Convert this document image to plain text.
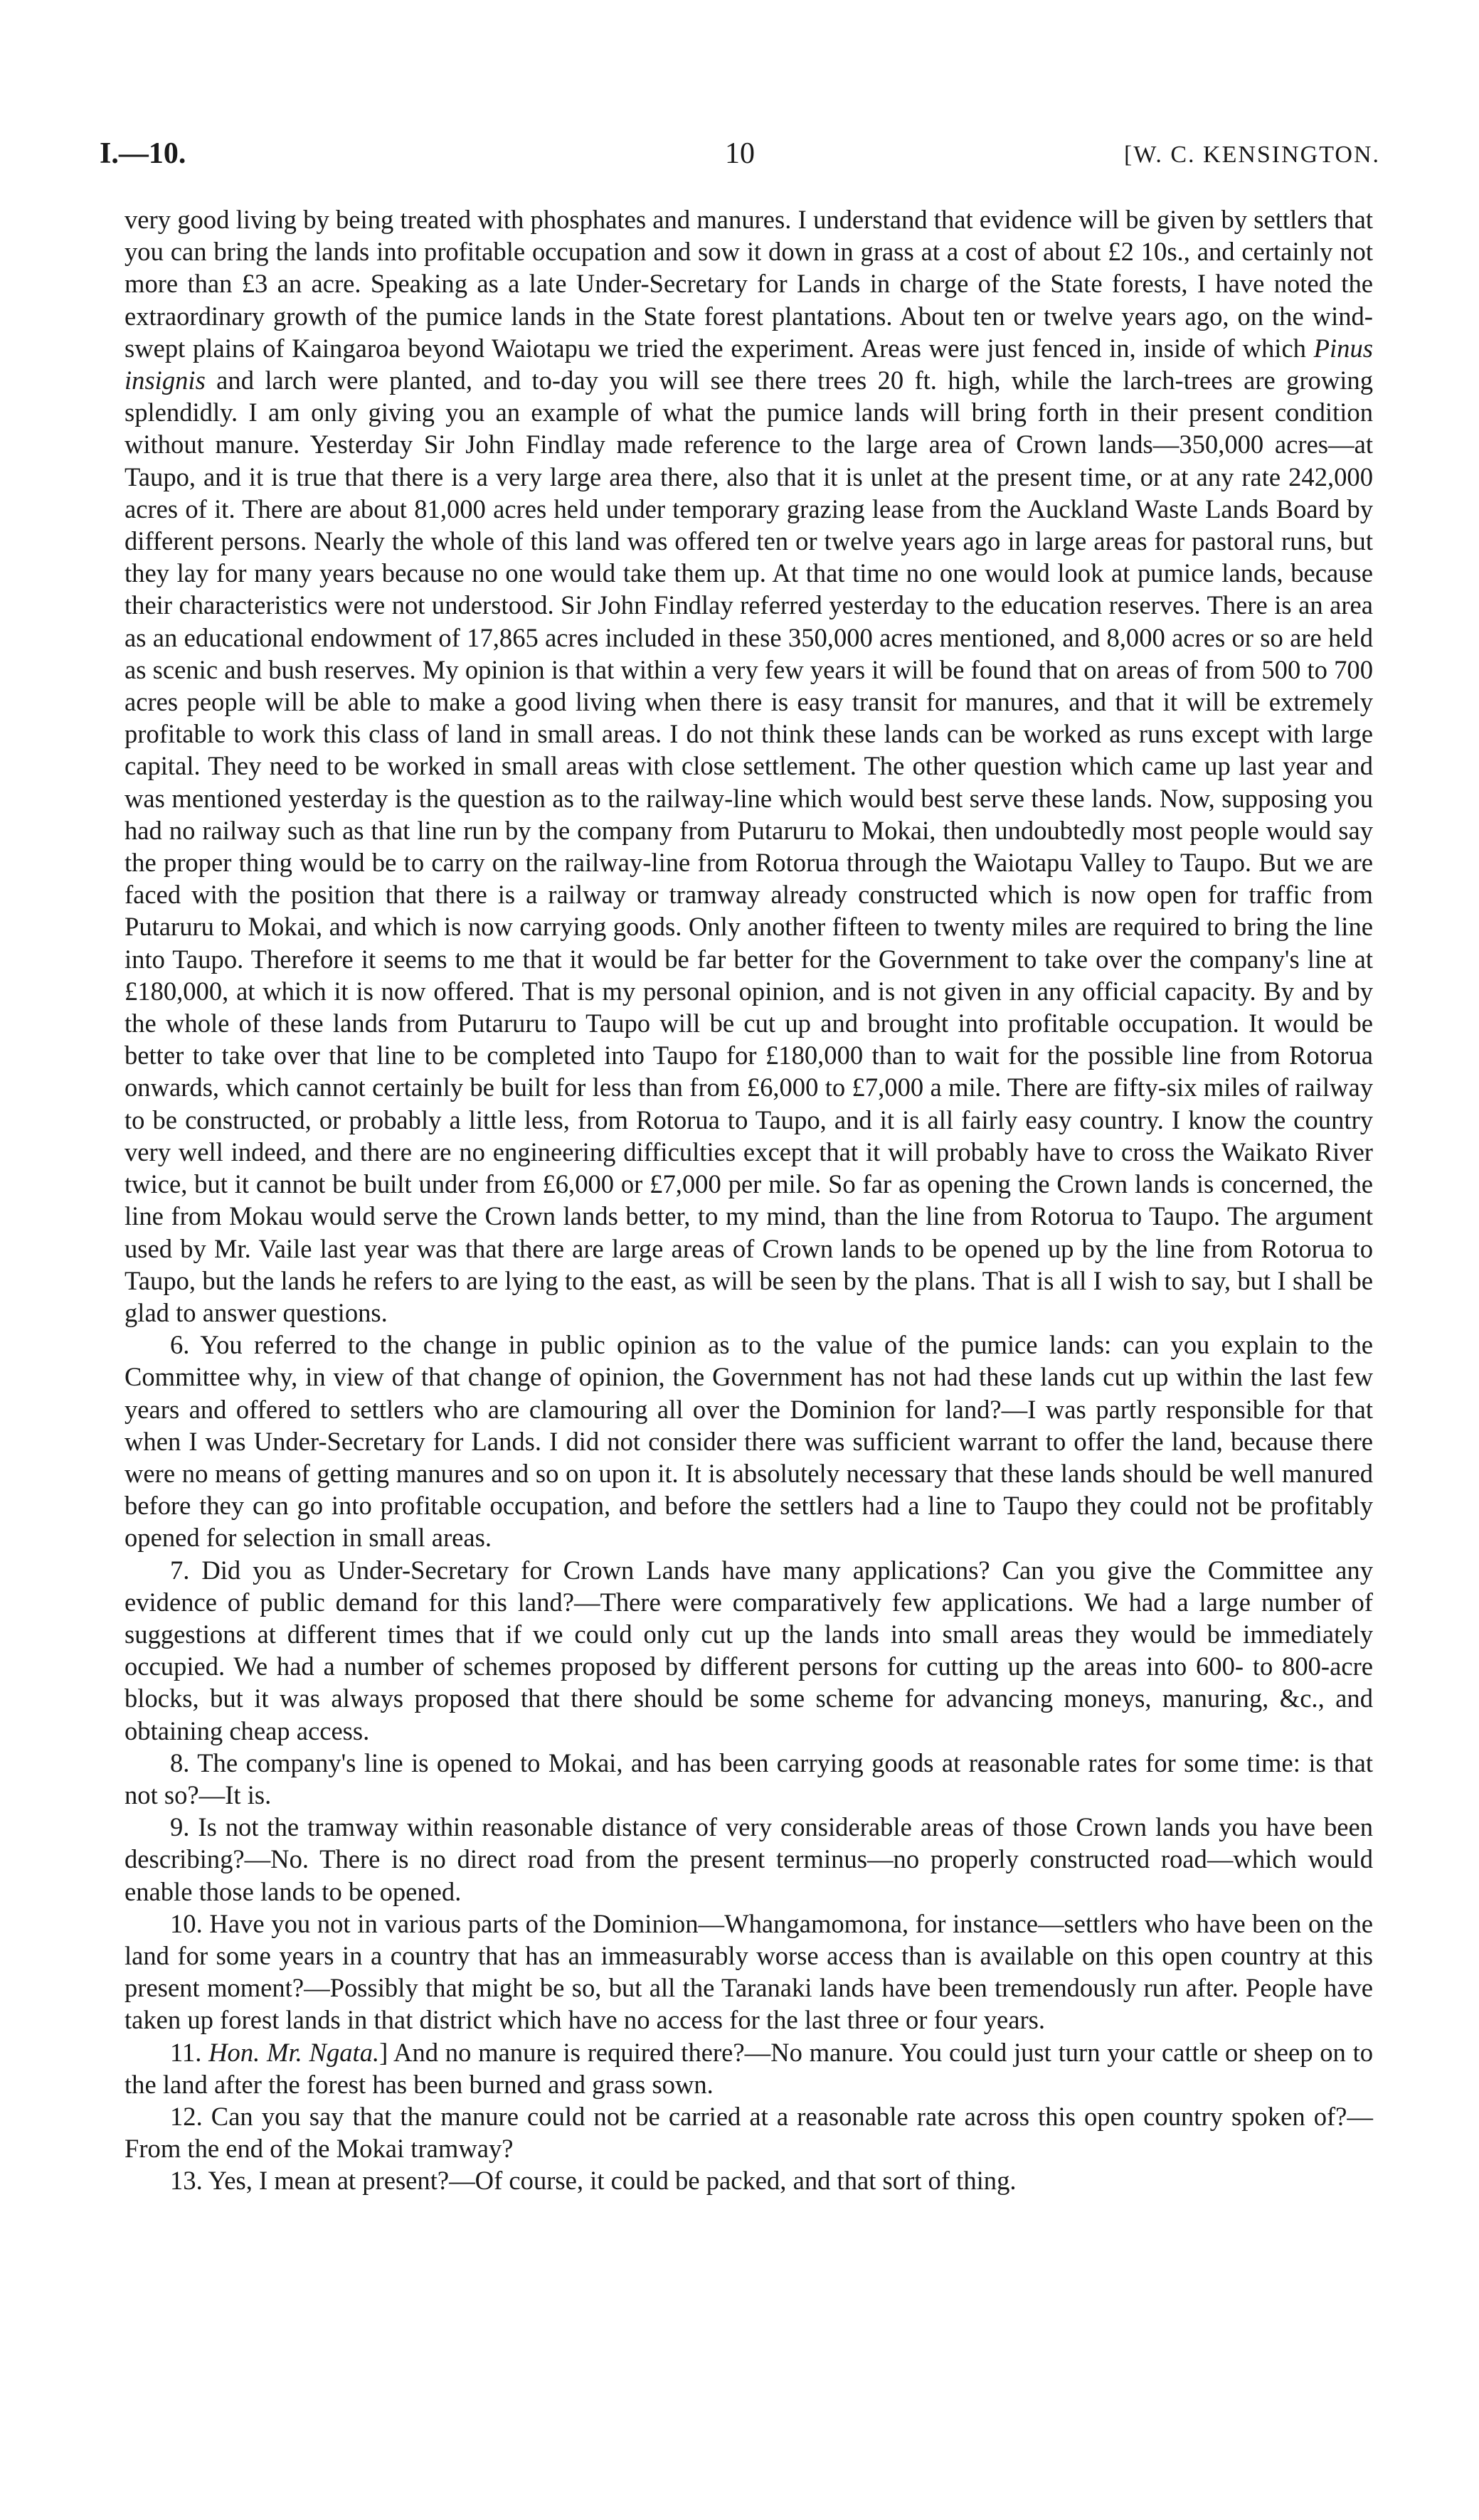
I.—10.	10	[W. C. KENSINGTON.

very good living by being treated with phosphates and manures. I understand that evidence will be given by settlers that you can bring the lands into profitable occupation and sow it down in grass at a cost of about £2 10s., and certainly not more than £3 an acre. Speaking as a late Under-Secretary for Lands in charge of the State forests, I have noted the extraordinary growth of the pumice lands in the State forest plantations. About ten or twelve years ago, on the wind-swept plains of Kaingaroa beyond Waiotapu we tried the experiment. Areas were just fenced in, inside of which Pinus insignis and larch were planted, and to-day you will see there trees 20 ft. high, while the larch-trees are growing splendidly. I am only giving you an example of what the pumice lands will bring forth in their present condition without manure. Yesterday Sir John Findlay made reference to the large area of Crown lands—350,000 acres—at Taupo, and it is true that there is a very large area there, also that it is unlet at the present time, or at any rate 242,000 acres of it. There are about 81,000 acres held under temporary grazing lease from the Auckland Waste Lands Board by different persons. Nearly the whole of this land was offered ten or twelve years ago in large areas for pastoral runs, but they lay for many years because no one would take them up. At that time no one would look at pumice lands, because their characteristics were not understood. Sir John Findlay referred yesterday to the education reserves. There is an area as an educational endowment of 17,865 acres included in these 350,000 acres mentioned, and 8,000 acres or so are held as scenic and bush reserves. My opinion is that within a very few years it will be found that on areas of from 500 to 700 acres people will be able to make a good living when there is easy transit for manures, and that it will be extremely profitable to work this class of land in small areas. I do not think these lands can be worked as runs except with large capital. They need to be worked in small areas with close settlement. The other question which came up last year and was mentioned yesterday is the question as to the railway-line which would best serve these lands. Now, supposing you had no railway such as that line run by the company from Putaruru to Mokai, then undoubtedly most people would say the proper thing would be to carry on the railway-line from Rotorua through the Waiotapu Valley to Taupo. But we are faced with the position that there is a railway or tramway already constructed which is now open for traffic from Putaruru to Mokai, and which is now carrying goods. Only another fifteen to twenty miles are required to bring the line into Taupo. Therefore it seems to me that it would be far better for the Government to take over the company's line at £180,000, at which it is now offered. That is my personal opinion, and is not given in any official capacity. By and by the whole of these lands from Putaruru to Taupo will be cut up and brought into profitable occupation. It would be better to take over that line to be completed into Taupo for £180,000 than to wait for the possible line from Rotorua onwards, which cannot certainly be built for less than from £6,000 to £7,000 a mile. There are fifty-six miles of railway to be constructed, or probably a little less, from Rotorua to Taupo, and it is all fairly easy country. I know the country very well indeed, and there are no engineering difficulties except that it will probably have to cross the Waikato River twice, but it cannot be built under from £6,000 or £7,000 per mile. So far as opening the Crown lands is concerned, the line from Mokau would serve the Crown lands better, to my mind, than the line from Rotorua to Taupo. The argument used by Mr. Vaile last year was that there are large areas of Crown lands to be opened up by the line from Rotorua to Taupo, but the lands he refers to are lying to the east, as will be seen by the plans. That is all I wish to say, but I shall be glad to answer questions.

6. You referred to the change in public opinion as to the value of the pumice lands: can you explain to the Committee why, in view of that change of opinion, the Government has not had these lands cut up within the last few years and offered to settlers who are clamouring all over the Dominion for land?—I was partly responsible for that when I was Under-Secretary for Lands. I did not consider there was sufficient warrant to offer the land, because there were no means of getting manures and so on upon it. It is absolutely necessary that these lands should be well manured before they can go into profitable occupation, and before the settlers had a line to Taupo they could not be profitably opened for selection in small areas.

7. Did you as Under-Secretary for Crown Lands have many applications? Can you give the Committee any evidence of public demand for this land?—There were comparatively few applications. We had a large number of suggestions at different times that if we could only cut up the lands into small areas they would be immediately occupied. We had a number of schemes proposed by different persons for cutting up the areas into 600- to 800-acre blocks, but it was always proposed that there should be some scheme for advancing moneys, manuring, &c., and obtaining cheap access.

8. The company's line is opened to Mokai, and has been carrying goods at reasonable rates for some time: is that not so?—It is.

9. Is not the tramway within reasonable distance of very considerable areas of those Crown lands you have been describing?—No. There is no direct road from the present terminus—no properly constructed road—which would enable those lands to be opened.

10. Have you not in various parts of the Dominion—Whangamomona, for instance—settlers who have been on the land for some years in a country that has an immeasurably worse access than is available on this open country at this present moment?—Possibly that might be so, but all the Taranaki lands have been tremendously run after. People have taken up forest lands in that district which have no access for the last three or four years.

11. Hon. Mr. Ngata.] And no manure is required there?—No manure. You could just turn your cattle or sheep on to the land after the forest has been burned and grass sown.

12. Can you say that the manure could not be carried at a reasonable rate across this open country spoken of?—From the end of the Mokai tramway?

13. Yes, I mean at present?—Of course, it could be packed, and that sort of thing.
